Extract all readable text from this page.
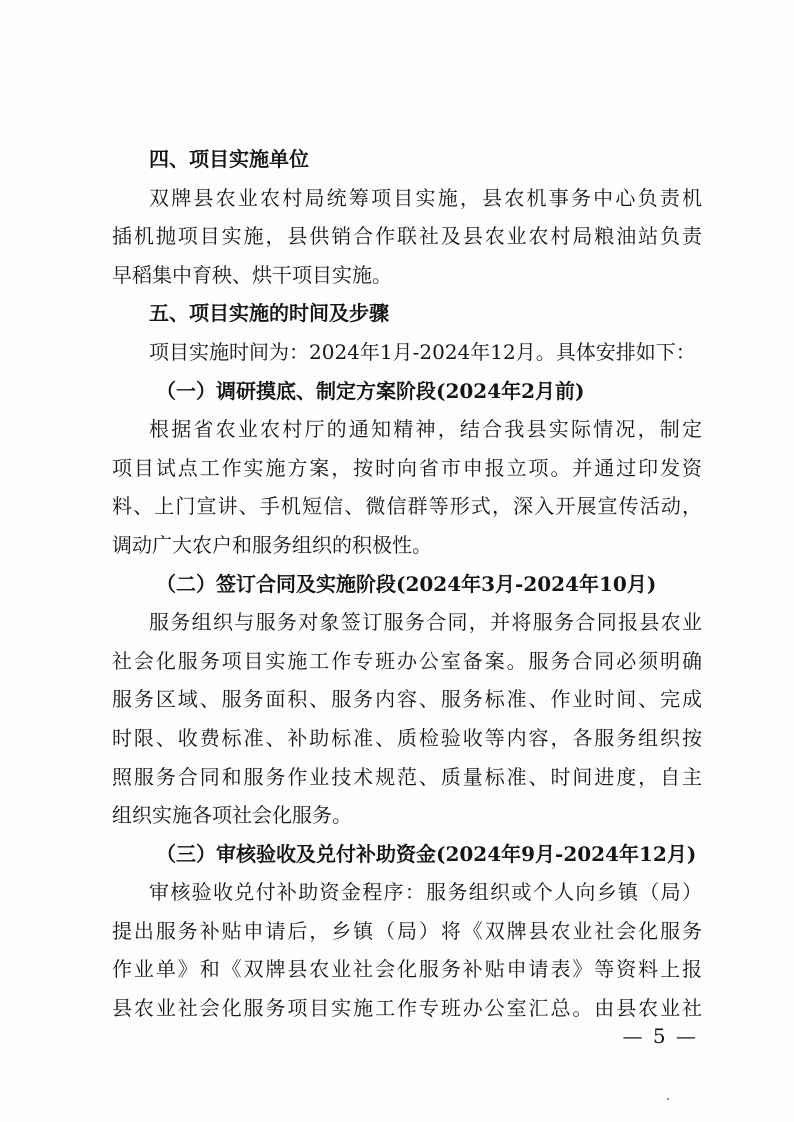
四、项目实施单位
双牌县农业农村局统筹项目实施，县农机事务中心负责机
插机抛项目实施，县供销合作联社及县农业农村局粮油站负责
早稻集中育秧、烘干项目实施。
五、项目实施的时间及步骤
项目实施时间为：2024年1月-2024年12月。具体安排如下：
（一）调研摸底、制定方案阶段(2024年2月前)
根据省农业农村厅的通知精神，结合我县实际情况，制定
项目试点工作实施方案，按时向省市申报立项。并通过印发资
料、上门宣讲、手机短信、微信群等形式，深入开展宣传活动，
调动广大农户和服务组织的积极性。
（二）签订合同及实施阶段(2024年3月-2024年10月)
服务组织与服务对象签订服务合同，并将服务合同报县农业
社会化服务项目实施工作专班办公室备案。服务合同必须明确
服务区域、服务面积、服务内容、服务标准、作业时间、完成
时限、收费标准、补助标准、质检验收等内容，各服务组织按
照服务合同和服务作业技术规范、质量标准、时间进度，自主
组织实施各项社会化服务。
（三）审核验收及兑付补助资金(2024年9月-2024年12月)
审核验收兑付补助资金程序：服务组织或个人向乡镇（局）
提出服务补贴申请后，乡镇（局）将《双牌县农业社会化服务
作业单》和《双牌县农业社会化服务补贴申请表》等资料上报
县农业社会化服务项目实施工作专班办公室汇总。由县农业社
— 5 —
